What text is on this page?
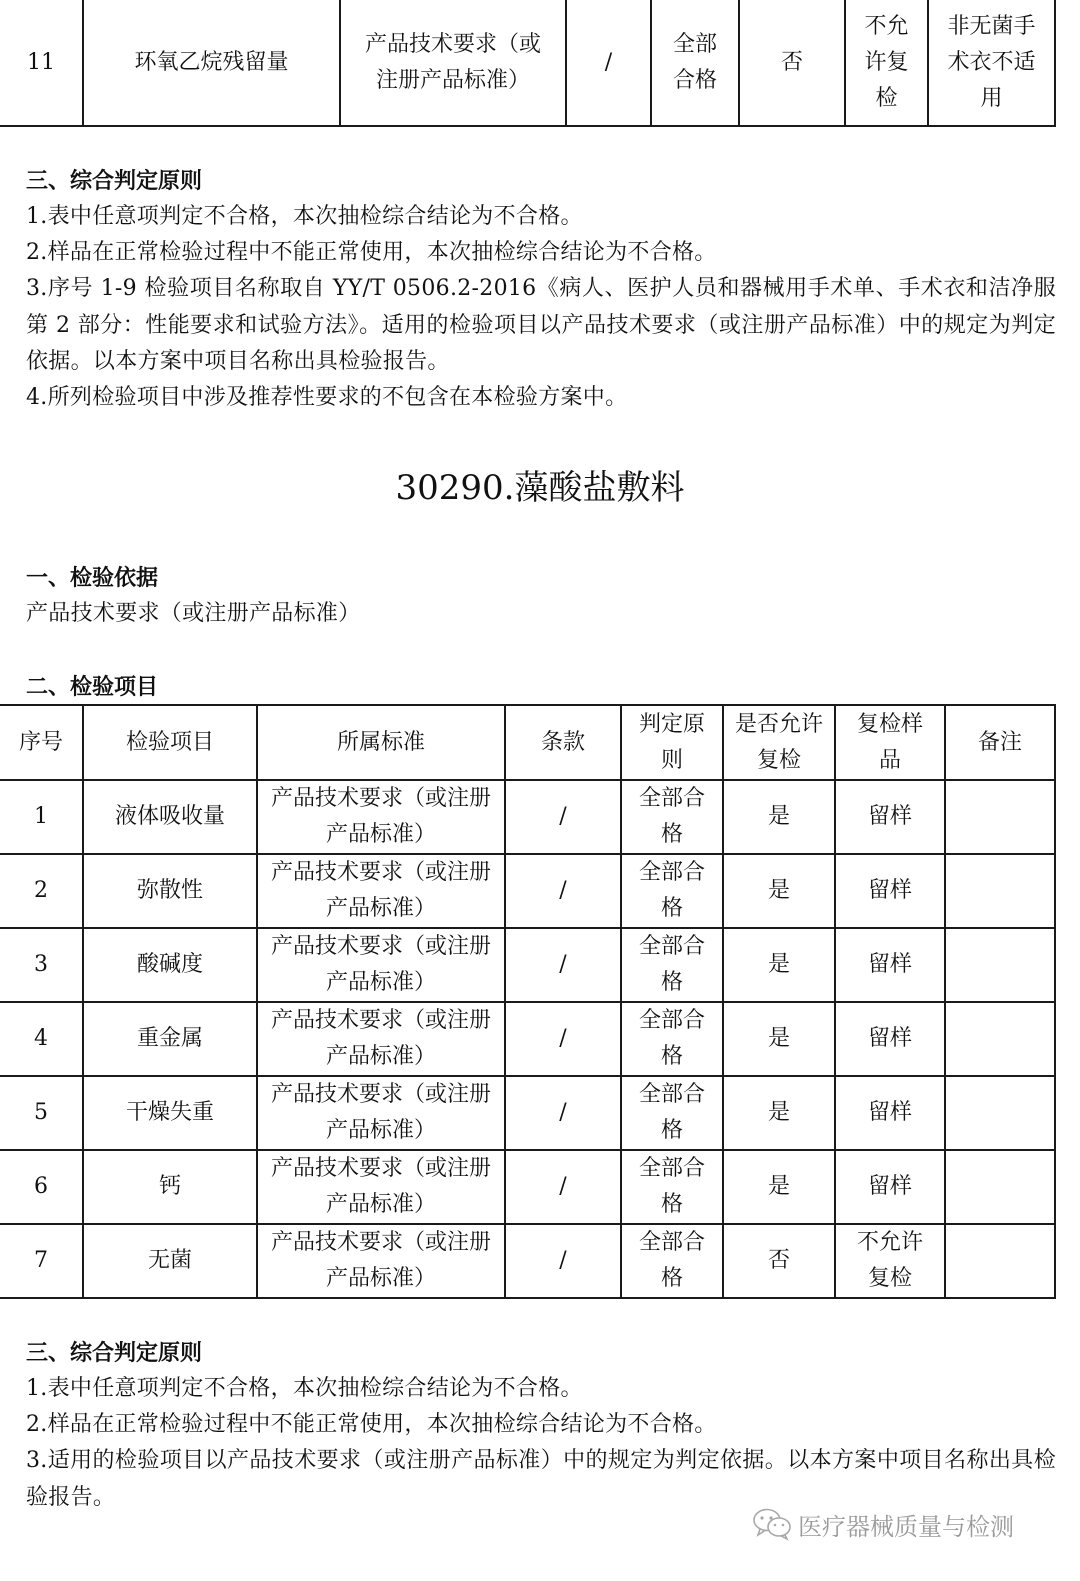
11	环氧乙烷残留量	产品技术要求（或注册产品标准）	/	全部合格	否	不允许复检	非无菌手术衣不适用

三、综合判定原则

1.表中任意项判定不合格，本次抽检综合结论为不合格。

2.样品在正常检验过程中不能正常使用，本次抽检综合结论为不合格。

3.序号 1-9 检验项目名称取自 YY/T 0506.2-2016《病人、医护人员和器械用手术单、手术衣和洁净服 第 2 部分：性能要求和试验方法》。适用的检验项目以产品技术要求（或注册产品标准）中的规定为判定依据。以本方案中项目名称出具检验报告。

4.所列检验项目中涉及推荐性要求的不包含在本检验方案中。

30290.藻酸盐敷料

一、检验依据

产品技术要求（或注册产品标准）

二、检验项目

序号	检验项目	所属标准	条款	判定原则	是否允许复检	复检样品	备注
1	液体吸收量	产品技术要求（或注册产品标准）	/	全部合格	是	留样	
2	弥散性	产品技术要求（或注册产品标准）	/	全部合格	是	留样	
3	酸碱度	产品技术要求（或注册产品标准）	/	全部合格	是	留样	
4	重金属	产品技术要求（或注册产品标准）	/	全部合格	是	留样	
5	干燥失重	产品技术要求（或注册产品标准）	/	全部合格	是	留样	
6	钙	产品技术要求（或注册产品标准）	/	全部合格	是	留样	
7	无菌	产品技术要求（或注册产品标准）	/	全部合格	否	不允许复检	

三、综合判定原则

1.表中任意项判定不合格，本次抽检综合结论为不合格。

2.样品在正常检验过程中不能正常使用，本次抽检综合结论为不合格。

3.适用的检验项目以产品技术要求（或注册产品标准）中的规定为判定依据。以本方案中项目名称出具检验报告。

医疗器械质量与检测
